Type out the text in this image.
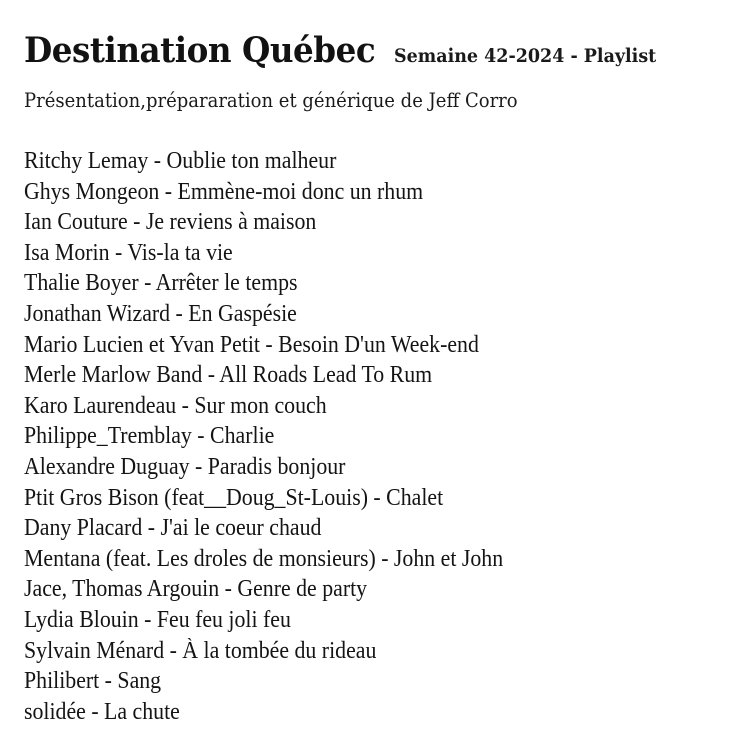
Destination Québec Semaine 42-2024 - Playlist
Présentation,prépararation et générique de Jeff Corro
Ritchy Lemay - Oublie ton malheur
Ghys Mongeon - Emmène-moi donc un rhum
Ian Couture - Je reviens à maison
Isa Morin - Vis-la ta vie
Thalie Boyer - Arrêter le temps
Jonathan Wizard - En Gaspésie
Mario Lucien et Yvan Petit - Besoin D'un Week-end
Merle Marlow Band - All Roads Lead To Rum
Karo Laurendeau - Sur mon couch
Philippe_Tremblay - Charlie
Alexandre Duguay - Paradis bonjour
Ptit Gros Bison (feat__Doug_St-Louis) - Chalet
Dany Placard - J'ai le coeur chaud
Mentana (feat. Les droles de monsieurs) - John et John
Jace, Thomas Argouin - Genre de party
Lydia Blouin - Feu feu joli feu
Sylvain Ménard - À la tombée du rideau
Philibert - Sang
solidée - La chute
